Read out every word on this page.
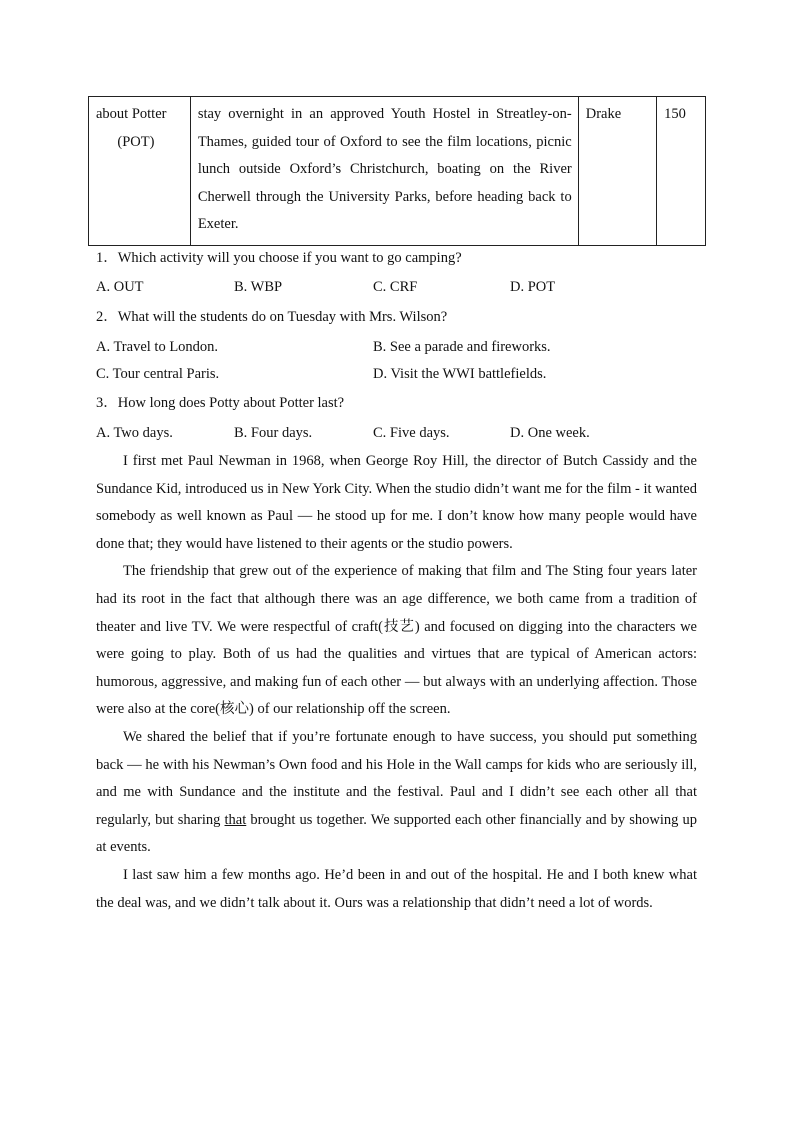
about Potter

(POT)
	stay overnight in an approved Youth Hostel in Streatley-on-Thames, guided tour of Oxford to see the film locations, picnic lunch outside Oxford’s Christchurch, boating on the River Cherwell through the University Parks, before heading back to Exeter.	Drake	150
1．Which activity will you choose if you want to go camping?
A. OUT	B. WBP	C. CRF	D. POT
2．What will the students do on Tuesday with Mrs. Wilson?
A. Travel to London.	B. See a parade and fireworks.
C. Tour central Paris.	D. Visit the WWI battlefields.
3．How long does Potty about Potter last?
A. Two days.	B. Four days.	C. Five days.	D. One week.

I first met Paul Newman in 1968, when George Roy Hill, the director of Butch Cassidy and the Sundance Kid, introduced us in New York City. When the studio didn’t want me for the film - it wanted somebody as well known as Paul — he stood up for me. I don’t know how many people would have done that; they would have listened to their agents or the studio powers.

The friendship that grew out of the experience of making that film and The Sting four years later had its root in the fact that although there was an age difference, we both came from a tradition of theater and live TV. We were respectful of craft(技艺) and focused on digging into the characters we were going to play. Both of us had the qualities and virtues that are typical of American actors: humorous, aggressive, and making fun of each other — but always with an underlying affection. Those were also at the core(核心) of our relationship off the screen.

We shared the belief that if you’re fortunate enough to have success, you should put something back — he with his Newman’s Own food and his Hole in the Wall camps for kids who are seriously ill, and me with Sundance and the institute and the festival. Paul and I didn’t see each other all that regularly, but sharing that brought us together. We supported each other financially and by showing up at events.

I last saw him a few months ago. He’d been in and out of the hospital. He and I both knew what the deal was, and we didn’t talk about it. Ours was a relationship that didn’t need a lot of words.
